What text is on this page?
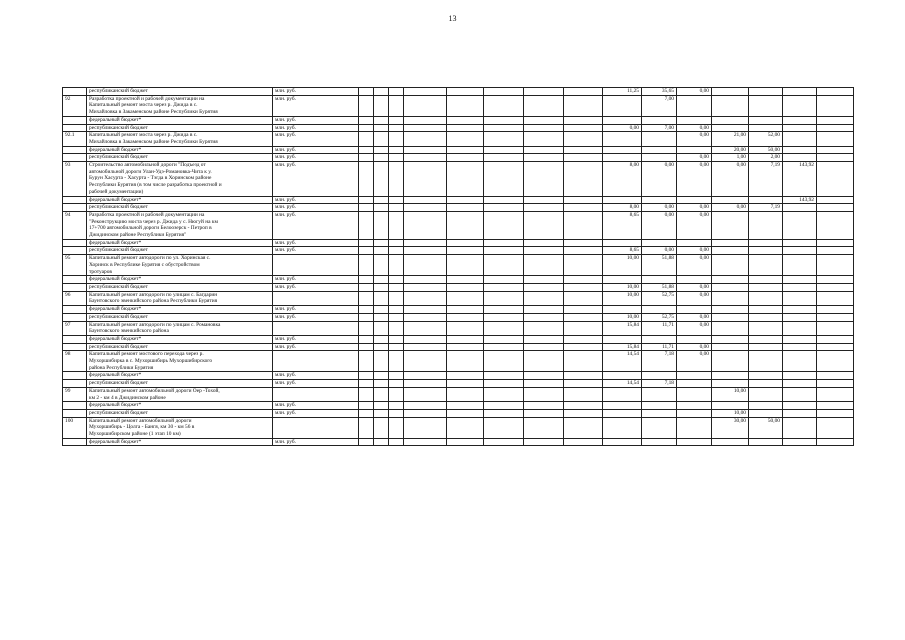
13

	республиканский бюджет	млн. руб.									11,25	35,65	0,00				
92	Разработка проектной и рабочей документации на
Капитальный ремонт моста через р. Джида в с.
Михайловка в Закаменском районе Республики Бурятия	млн. руб.										7,00					

	федеральный бюджет*	млн. руб.															

	республиканский бюджет	млн. руб.									0,00	7,00	0,00				
92.1	Капитальный ремонт моста через р. Джида в с.
Михайловка в Закаменском районе Республики Бурятия	млн. руб.											0,00	21,00	52,00		

	федеральный бюджет*	млн. руб.												20,00	50,00		

	республиканский бюджет	млн. руб.											0,00	1,00	2,00		
93	Строительство автомобильной дороги "Подъезд от
автомобильной дороги Улан-Удэ-Романовка-Чита к у.
Бурун Хасурта - Хасурта - Тэгда в Хоринском районе
Республики Бурятия (в том числе разработка проектной и
рабочей документации)	млн. руб.									8,00	0,00	0,00	0,00	7,19	143,92	

	федеральный бюджет*	млн. руб.														143,92	

	республиканский бюджет	млн. руб.									8,00	0,00	0,00	0,00	7,19		
94	Разработка проектной и рабочей документации на
"Реконструкцию моста через р. Джида у с. Нюгуй на км
17+700 автомобильной дороги Белоозерск - Петроп в
Джидинском районе Республики Бурятия"	млн. руб.									8,65	0,00	0,00				

	федеральный бюджет*	млн. руб.															

	республиканский бюджет	млн. руб.									8,65	0,00	0,00				
95	Капитальный ремонт автодороги по ул. Хоринская с.
Хоринск в Республике Бурятия с обустройством
тротуаров										10,00	51,88	0,00				

	федеральный бюджет*	млн. руб.															

	республиканский бюджет	млн. руб.									10,00	51,88	0,00				
96	Капитальный ремонт автодороги по улицам с. Багдарин
Баунтовского эвенкийского района Республики Бурятия										10,00	52,75	0,00				

	федеральный бюджет*	млн. руб.															

	республиканский бюджет	млн. руб.									10,00	52,75	0,00				
97	Капитальный ремонт автодороги по улицам с. Романовка
Баунтовского эвенкийского района										15,84	11,71	0,00				

	федеральный бюджет*	млн. руб.															

	республиканский бюджет	млн. руб.									15,84	11,71	0,00				
98	Капитальный ремонт мостового перехода через р.
Мухоршибирка в с. Мухоршибирь Мухоршибирского
района Республики Бурятия										14,54	7,18	0,00				

	федеральный бюджет*	млн. руб.															

	республиканский бюджет	млн. руб.									14,54	7,18					
99	Капитальный ремонт автомобильной дороги Оер -Тохой,
км 2 - км 4 в Джидинском районе													10,00			

	федеральный бюджет*	млн. руб.															

	республиканский бюджет	млн. руб.												10,00			
100	Капитальный ремонт автомобильной дороги
Мухоршибирь - Цолга - Бангя, км 30 - км 56 в
Мухоршибирском районе (1 этап 10 км)													30,00	50,00		

	федеральный бюджет*	млн. руб.															
